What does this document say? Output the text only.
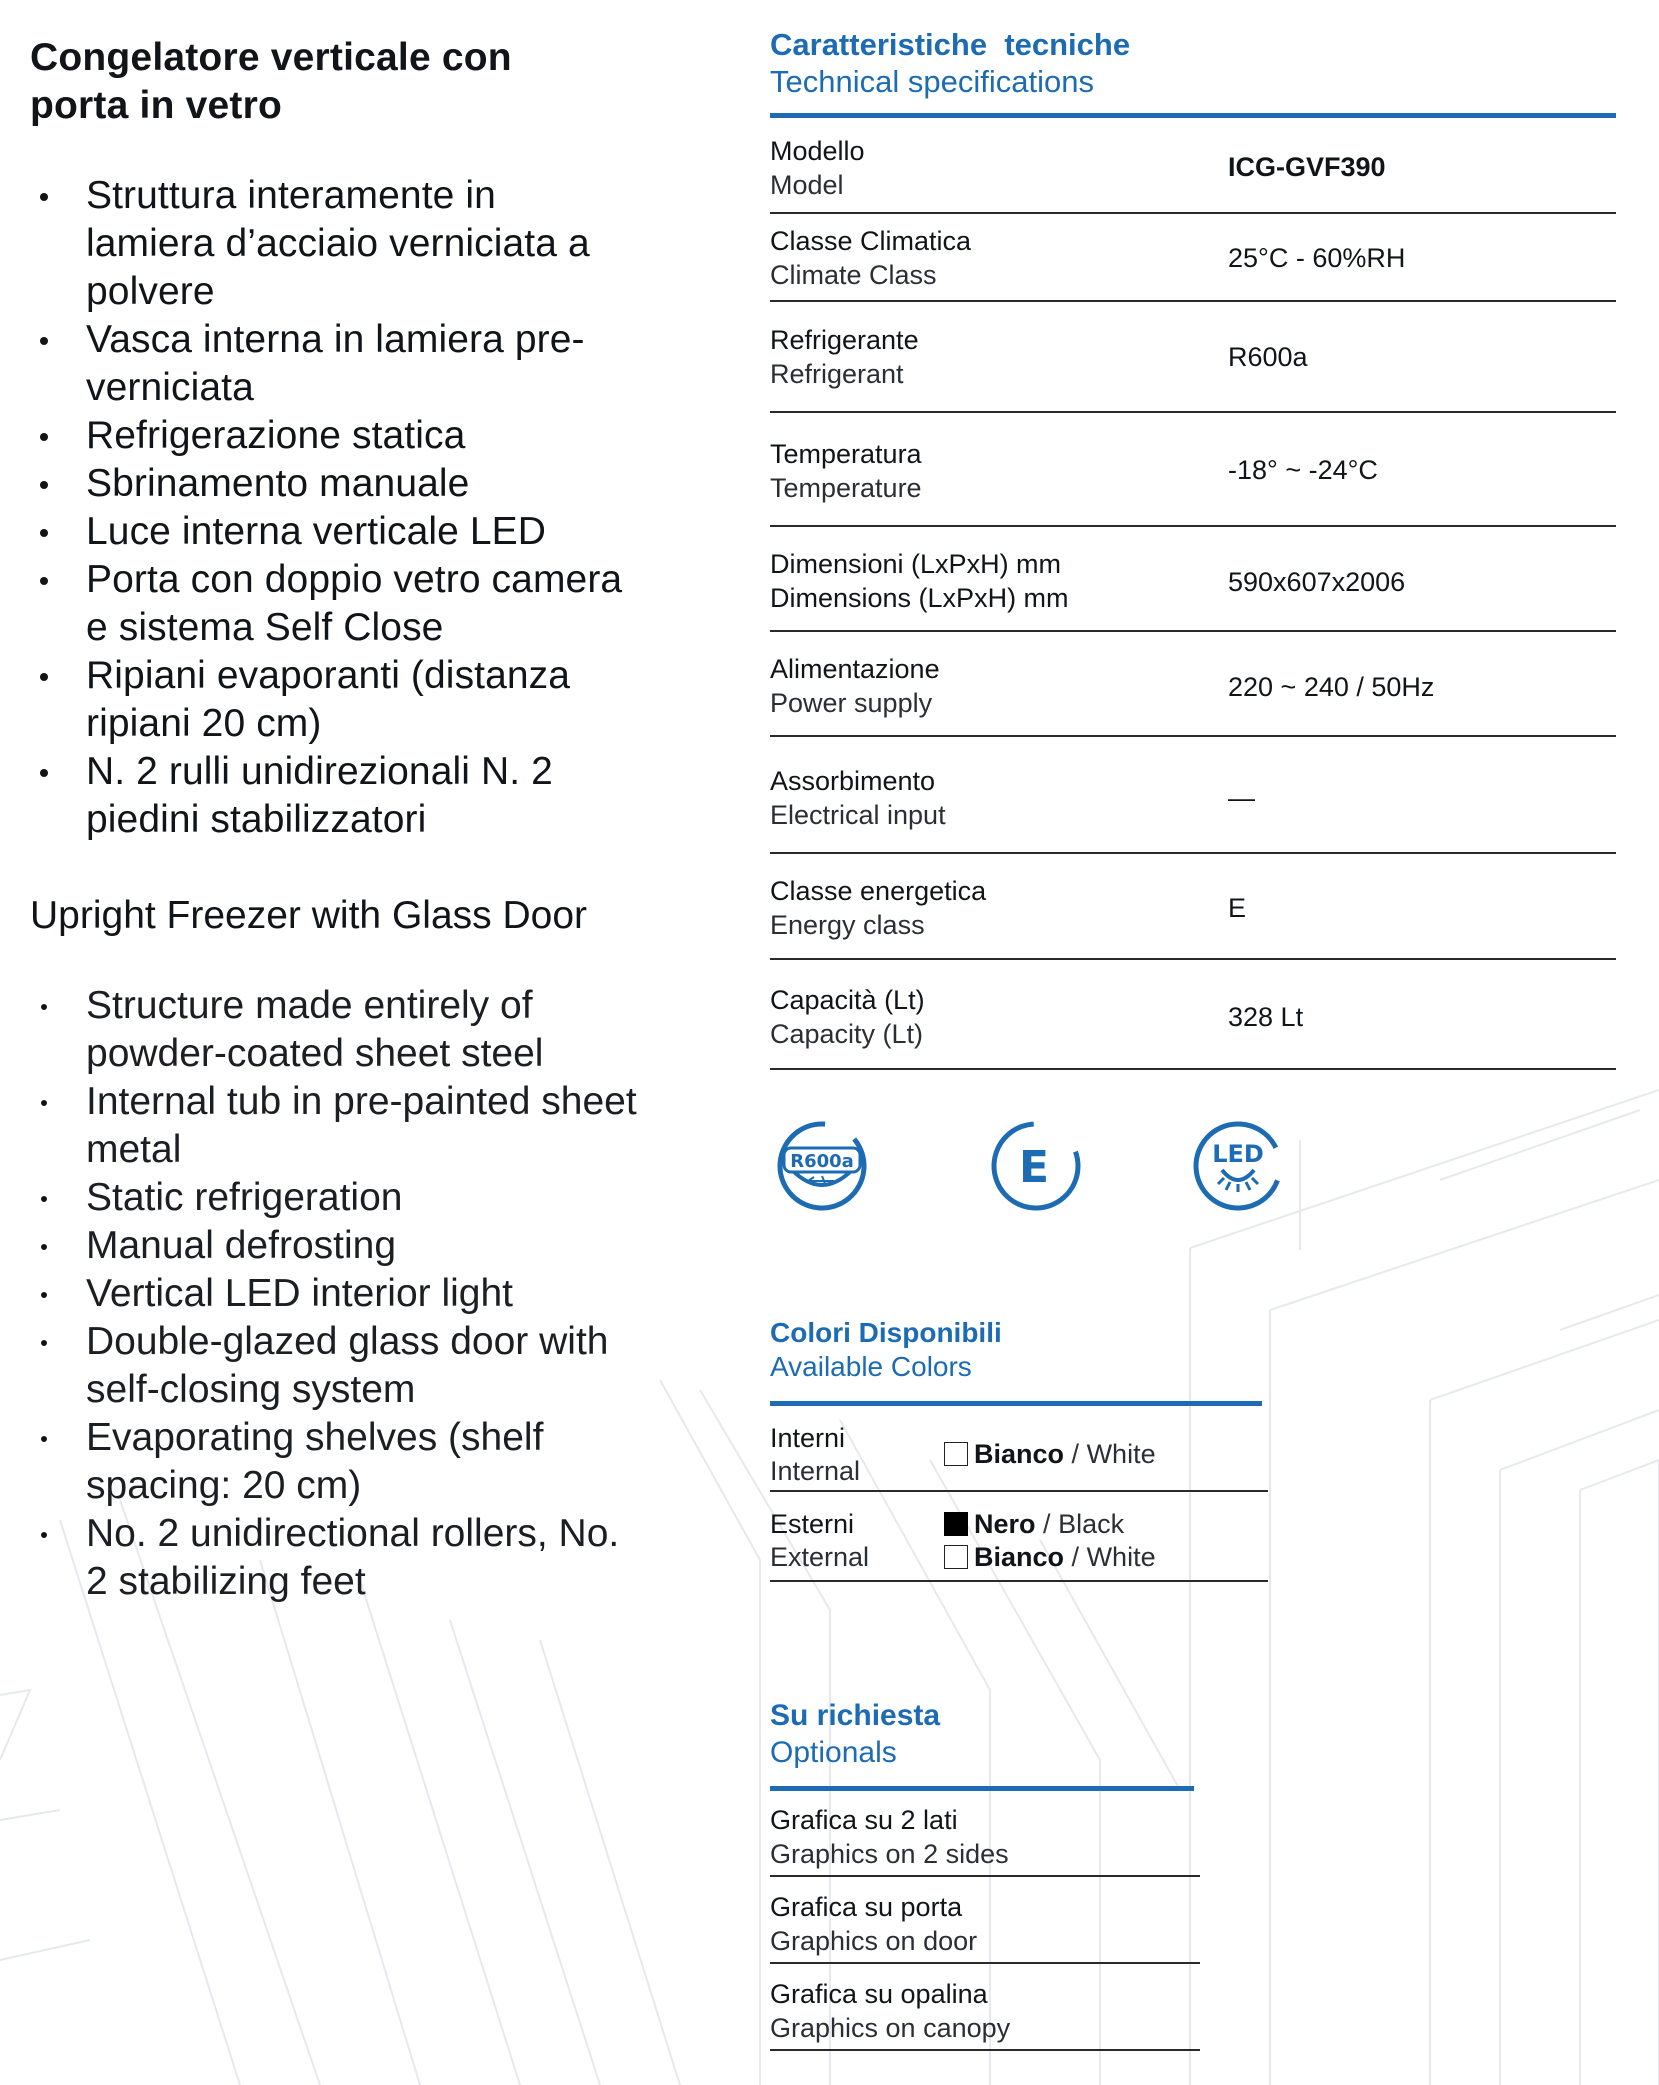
Congelatore verticale con porta in vetro
Struttura interamente in lamiera d’acciaio verniciata a polvere
Vasca interna in lamiera pre-verniciata
Refrigerazione statica
Sbrinamento manuale
Luce interna verticale LED
Porta con doppio vetro camera e sistema Self Close
Ripiani evaporanti (distanza ripiani 20 cm)
N. 2 rulli unidirezionali N. 2 piedini stabilizzatori
Upright Freezer with Glass Door
Structure made entirely of powder-coated sheet steel
Internal tub in pre-painted sheet metal
Static refrigeration
Manual defrosting
Vertical LED interior light
Double-glazed glass door with self-closing system
Evaporating shelves (shelf spacing: 20 cm)
No. 2 unidirectional rollers, No. 2 stabilizing feet
Caratteristiche  tecniche
Technical specifications
Modello
Model
ICG-GVF390
Classe Climatica
Climate Class
25°C - 60%RH
Refrigerante
Refrigerant
R600a
Temperatura
Temperature
-18° ~ -24°C
Dimensioni (LxPxH) mm
Dimensions (LxPxH) mm
590x607x2006
Alimentazione
Power supply
220 ~ 240 / 50Hz
Assorbimento
Electrical input
—
Classe energetica
Energy class
E
Capacità (Lt)
Capacity (Lt)
328 Lt
R600a	E	LED
Colori Disponibili
Available Colors
Interni
Internal
Bianco / White
Esterni
External
Nero / Black
Bianco / White
Su richiesta
Optionals
Grafica su 2 lati
Graphics on 2 sides
Grafica su porta
Graphics on door
Grafica su opalina
Graphics on canopy
